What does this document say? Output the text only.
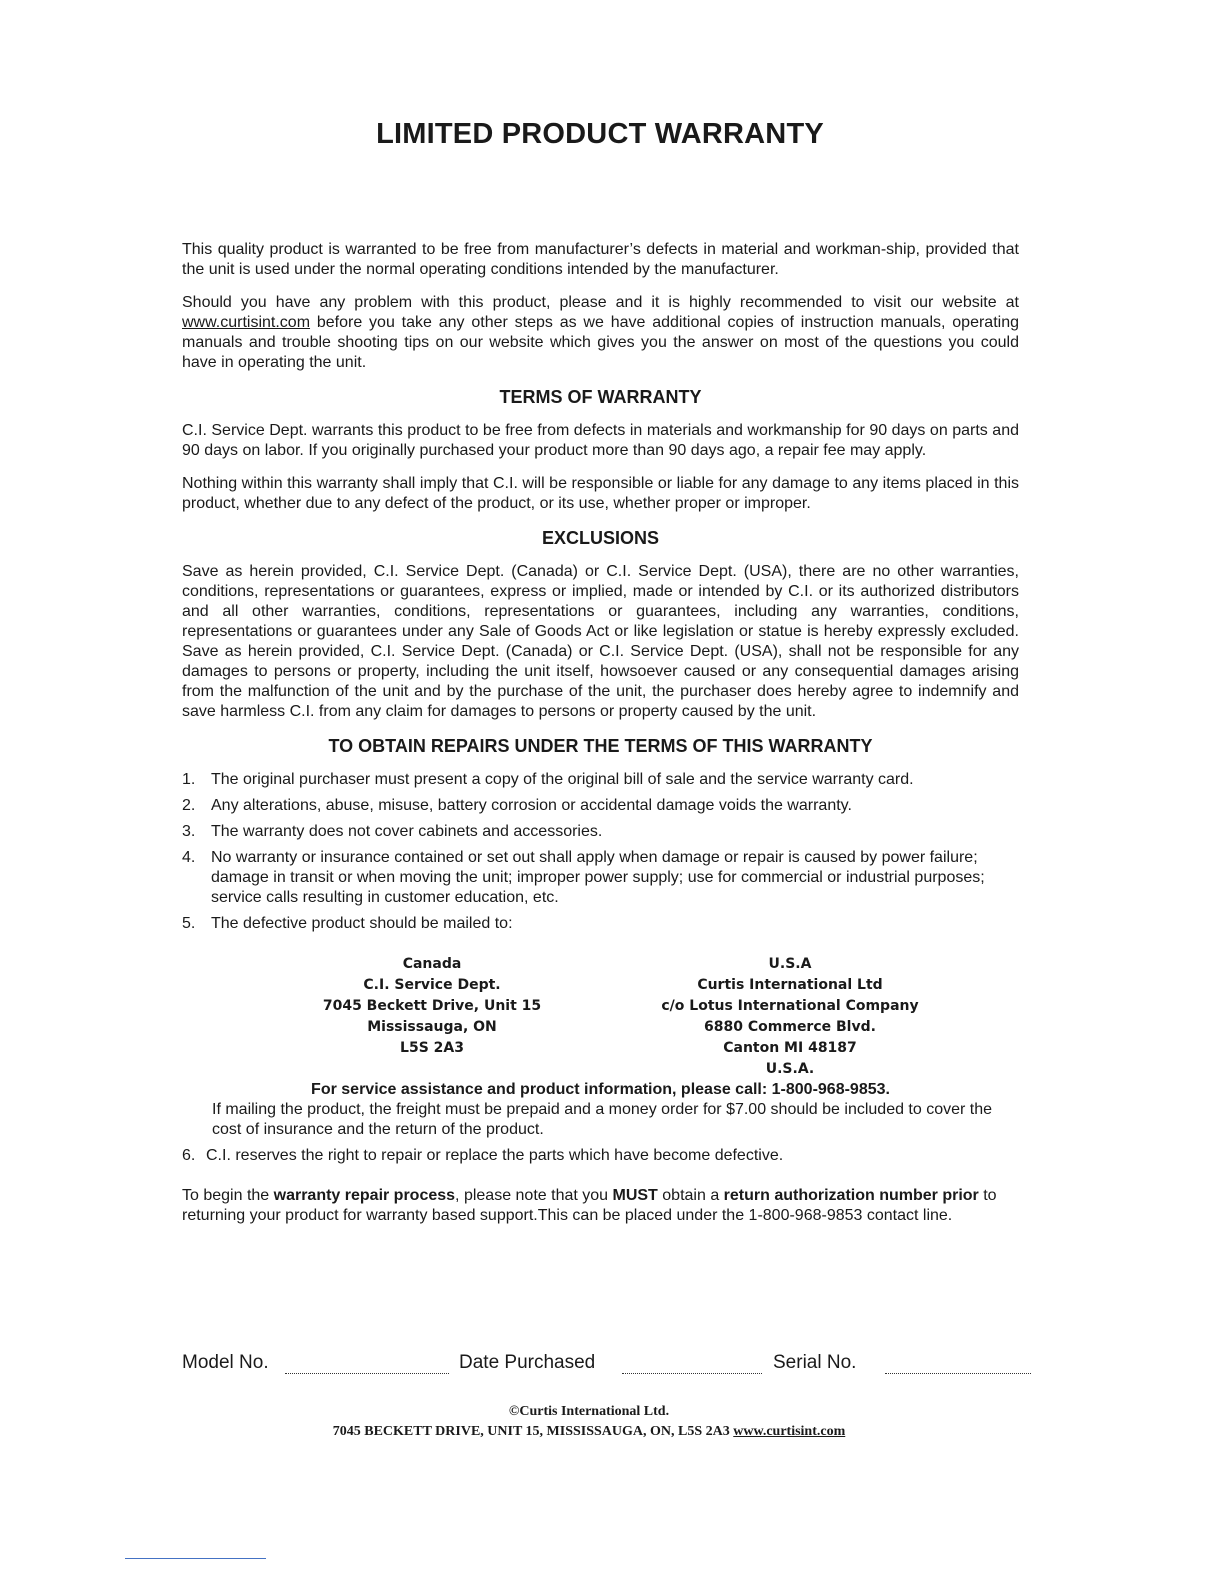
LIMITED PRODUCT WARRANTY

This quality product is warranted to be free from manufacturer’s defects in material and workman-ship, provided that the unit is used under the normal operating conditions intended by the manufacturer.

Should you have any problem with this product, please and it is highly recommended to visit our website at www.curtisint.com before you take any other steps as we have additional copies of instruction manuals, operating manuals and trouble shooting tips on our website which gives you the answer on most of the questions you could have in operating the unit.

TERMS OF WARRANTY

C.I. Service Dept. warrants this product to be free from defects in materials and workmanship for 90 days on parts and 90 days on labor. If you originally purchased your product more than 90 days ago, a repair fee may apply.

Nothing within this warranty shall imply that C.I. will be responsible or liable for any damage to any items placed in this product, whether due to any defect of the product, or its use, whether proper or improper.

EXCLUSIONS

Save as herein provided, C.I. Service Dept. (Canada) or C.I. Service Dept. (USA), there are no other warranties, conditions, representations or guarantees, express or implied, made or intended by C.I. or its authorized distributors and all other warranties, conditions, representations or guarantees, including any warranties, conditions, representations or guarantees under any Sale of Goods Act or like legislation or statue is hereby expressly excluded. Save as herein provided, C.I. Service Dept. (Canada) or C.I. Service Dept. (USA), shall not be responsible for any damages to persons or property, including the unit itself, howsoever caused or any consequential damages arising from the malfunction of the unit and by the purchase of the unit, the purchaser does hereby agree to indemnify and save harmless C.I. from any claim for damages to persons or property caused by the unit.

TO OBTAIN REPAIRS UNDER THE TERMS OF THIS WARRANTY
1. The original purchaser must present a copy of the original bill of sale and the service warranty card.
2. Any alterations, abuse, misuse, battery corrosion or accidental damage voids the warranty.
3. The warranty does not cover cabinets and accessories.
4. No warranty or insurance contained or set out shall apply when damage or repair is caused by power failure; damage in transit or when moving the unit; improper power supply; use for commercial or industrial purposes; service calls resulting in customer education, etc.
5. The defective product should be mailed to:
Canada
C.I. Service Dept.
7045 Beckett Drive, Unit 15
Mississauga, ON
L5S 2A3
U.S.A
Curtis International Ltd
c/o Lotus International Company
6880 Commerce Blvd.
Canton MI 48187
U.S.A.

For service assistance and product information, please call: 1-800-968-9853.

If mailing the product, the freight must be prepaid and a money order for $7.00 should be included to cover the cost of insurance and the return of the product.

6. C.I. reserves the right to repair or replace the parts which have become defective.

To begin the warranty repair process, please note that you MUST obtain a return authorization number prior to returning your product for warranty based support.This can be placed under the 1-800-968-9853 contact line.

Model No.	Date Purchased	Serial No.
©Curtis International Ltd.
7045 BECKETT DRIVE, UNIT 15, MISSISSAUGA, ON, L5S 2A3 www.curtisint.com
